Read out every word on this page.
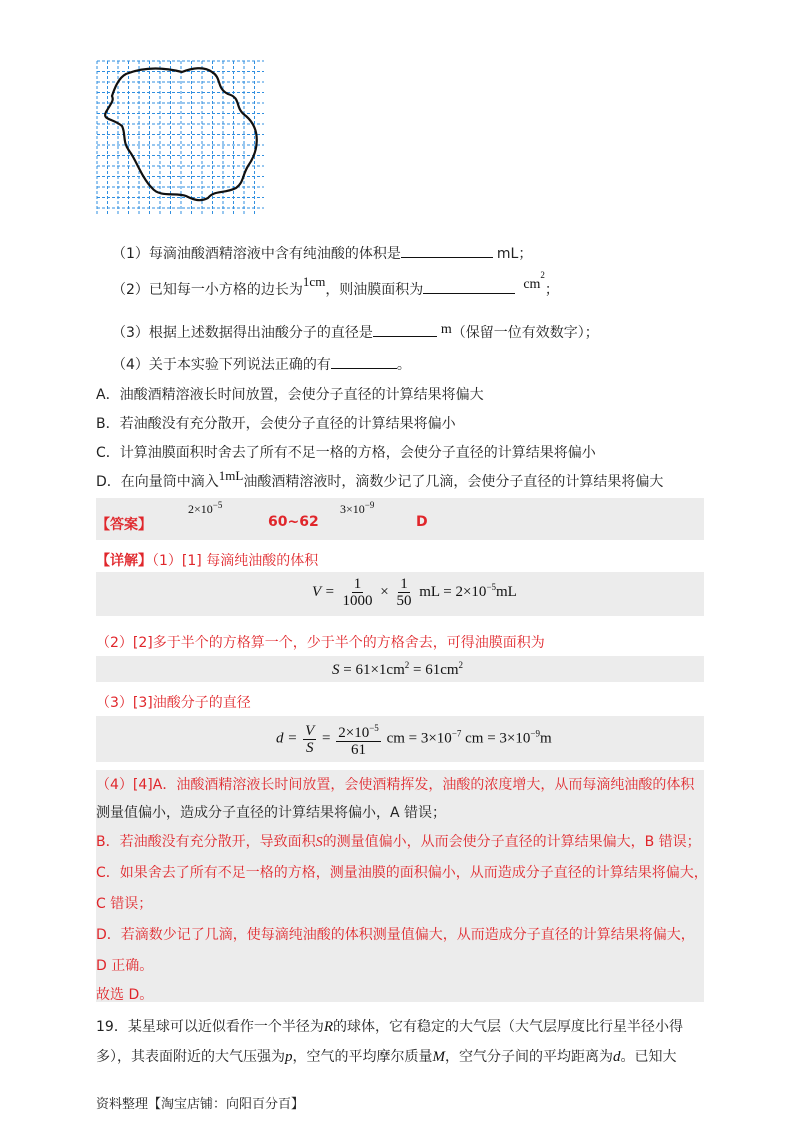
（1）每滴油酸酒精溶液中含有纯油酸的体积是	mL；
（2）已知每一小方格的边长为1cm，则油膜面积为	$cm^2$；
（3）根据上述数据得出油酸分子的直径是	m（保留一位有效数字）；
（4）关于本实验下列说法正确的有	。
A．油酸酒精溶液长时间放置，会使分子直径的计算结果将偏大
B．若油酸没有充分散开，会使分子直径的计算结果将偏小
C．计算油膜面积时舍去了所有不足一格的方格，会使分子直径的计算结果将偏小
D．在向量筒中滴入1mL油酸酒精溶液时，滴数少记了几滴，会使分子直径的计算结果将偏大
【答案】
$2\times 10^{-5}$
60~62
$3\times 10^{-9}$
D
【详解】（1）[1] 每滴纯油酸的体积
$V = \frac{1}{1000} \times \frac{1}{50}$ mL = $2\times 10^{-5}mL$
（2）[2]多于半个的方格算一个，少于半个的方格舍去，可得油膜面积为
$S = 61\times 1cm^2 = 61cm^2$
（3）[3]油酸分子的直径
$d = \frac{V}{S} = \frac{2\times 10^{-5}}{61}$ cm = $3\times 10^{-7}$ cm = $3\times 10^{-9}m$
（4）[4]A．油酸酒精溶液长时间放置，会使酒精挥发，油酸的浓度增大，从而每滴纯油酸的体积
测量值偏小，造成分子直径的计算结果将偏小，A 错误；
B．若油酸没有充分散开，导致面积S的测量值偏小，从而会使分子直径的计算结果偏大，B 错误；
C．如果舍去了所有不足一格的方格，测量油膜的面积偏小，从而造成分子直径的计算结果将偏大，
C 错误；
D．若滴数少记了几滴，使每滴纯油酸的体积测量值偏大，从而造成分子直径的计算结果将偏大，
D 正确。
故选 D。
19．某星球可以近似看作一个半径为R的球体，它有稳定的大气层（大气层厚度比行星半径小得
多），其表面附近的大气压强为p，空气的平均摩尔质量M，空气分子间的平均距离为d。已知大
资料整理【淘宝店铺：向阳百分百】
